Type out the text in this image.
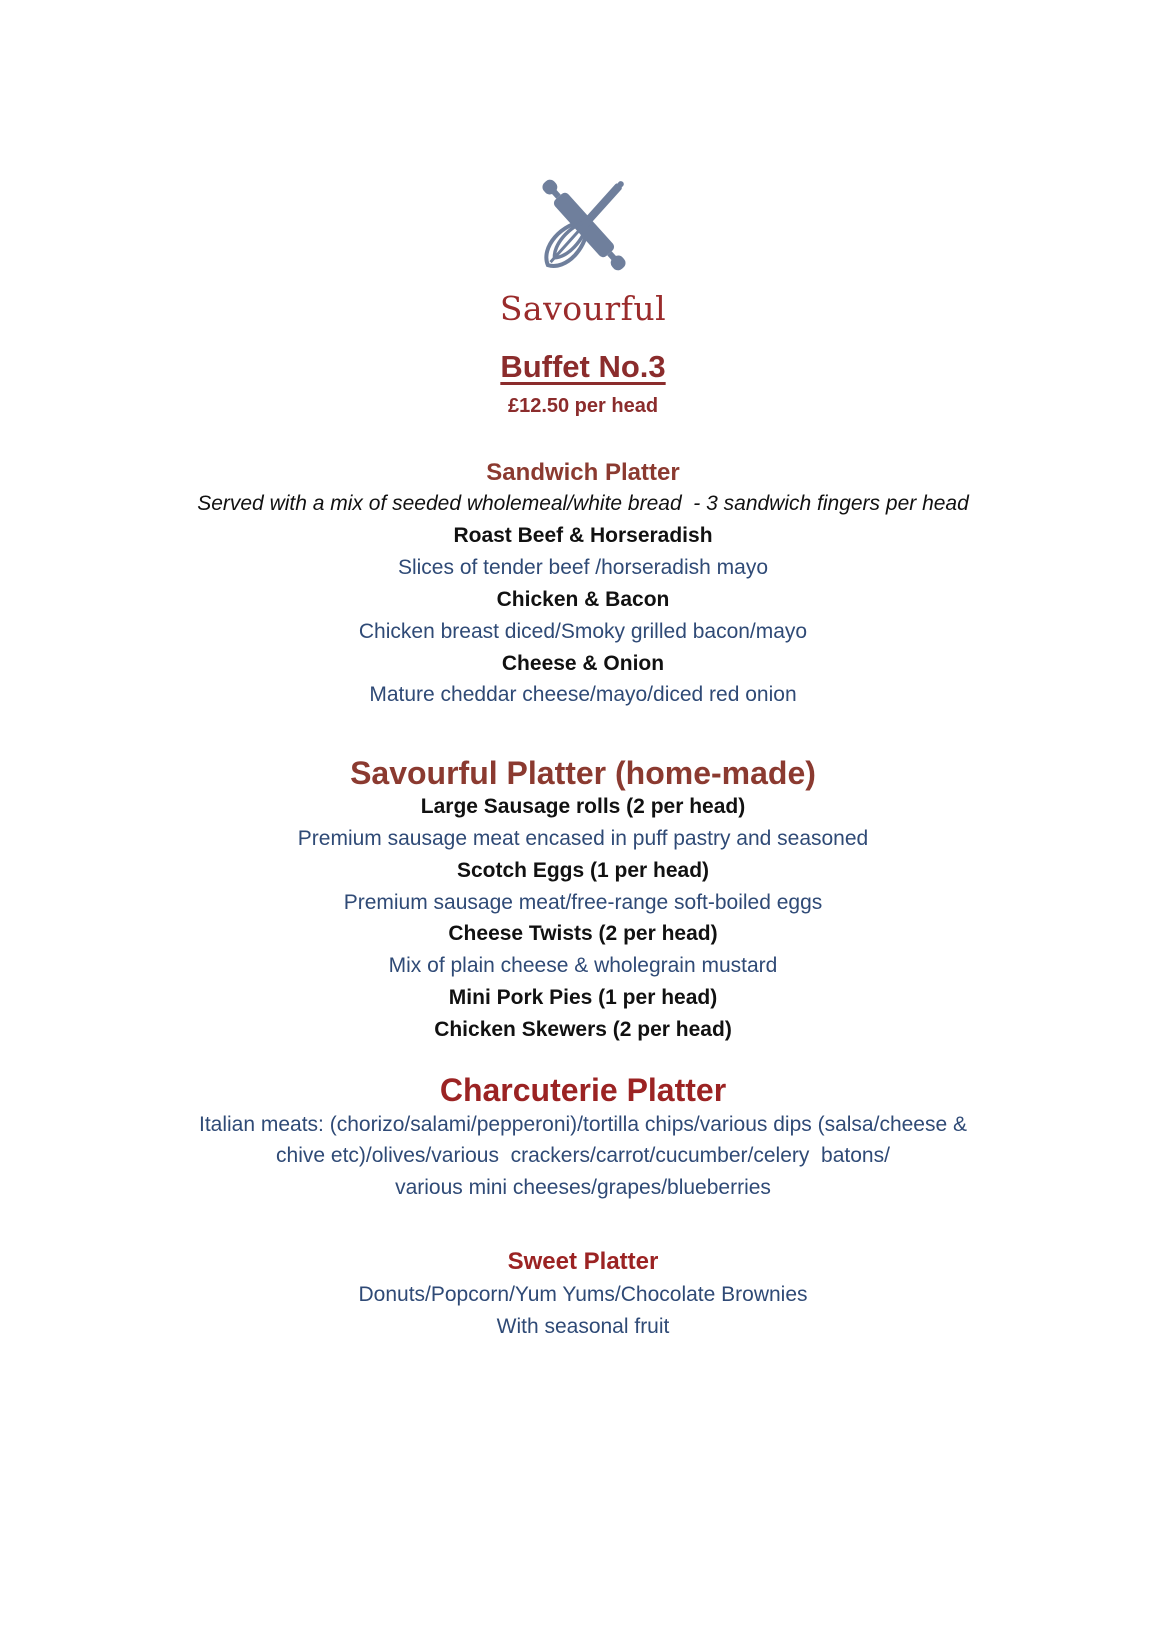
Savourful
Buffet No.3
£12.50 per head
Sandwich Platter
Served with a mix of seeded wholemeal/white bread  - 3 sandwich fingers per head
Roast Beef & Horseradish
Slices of tender beef /horseradish mayo
Chicken & Bacon
Chicken breast diced/Smoky grilled bacon/mayo
Cheese & Onion
Mature cheddar cheese/mayo/diced red onion
Savourful Platter (home-made)
Large Sausage rolls (2 per head)
Premium sausage meat encased in puff pastry and seasoned
Scotch Eggs (1 per head)
Premium sausage meat/free-range soft-boiled eggs
Cheese Twists (2 per head)
Mix of plain cheese & wholegrain mustard
Mini Pork Pies (1 per head)
Chicken Skewers (2 per head)
Charcuterie Platter
Italian meats: (chorizo/salami/pepperoni)/tortilla chips/various dips (salsa/cheese &
chive etc)/olives/various  crackers/carrot/cucumber/celery  batons/
various mini cheeses/grapes/blueberries
Sweet Platter
Donuts/Popcorn/Yum Yums/Chocolate Brownies
With seasonal fruit
